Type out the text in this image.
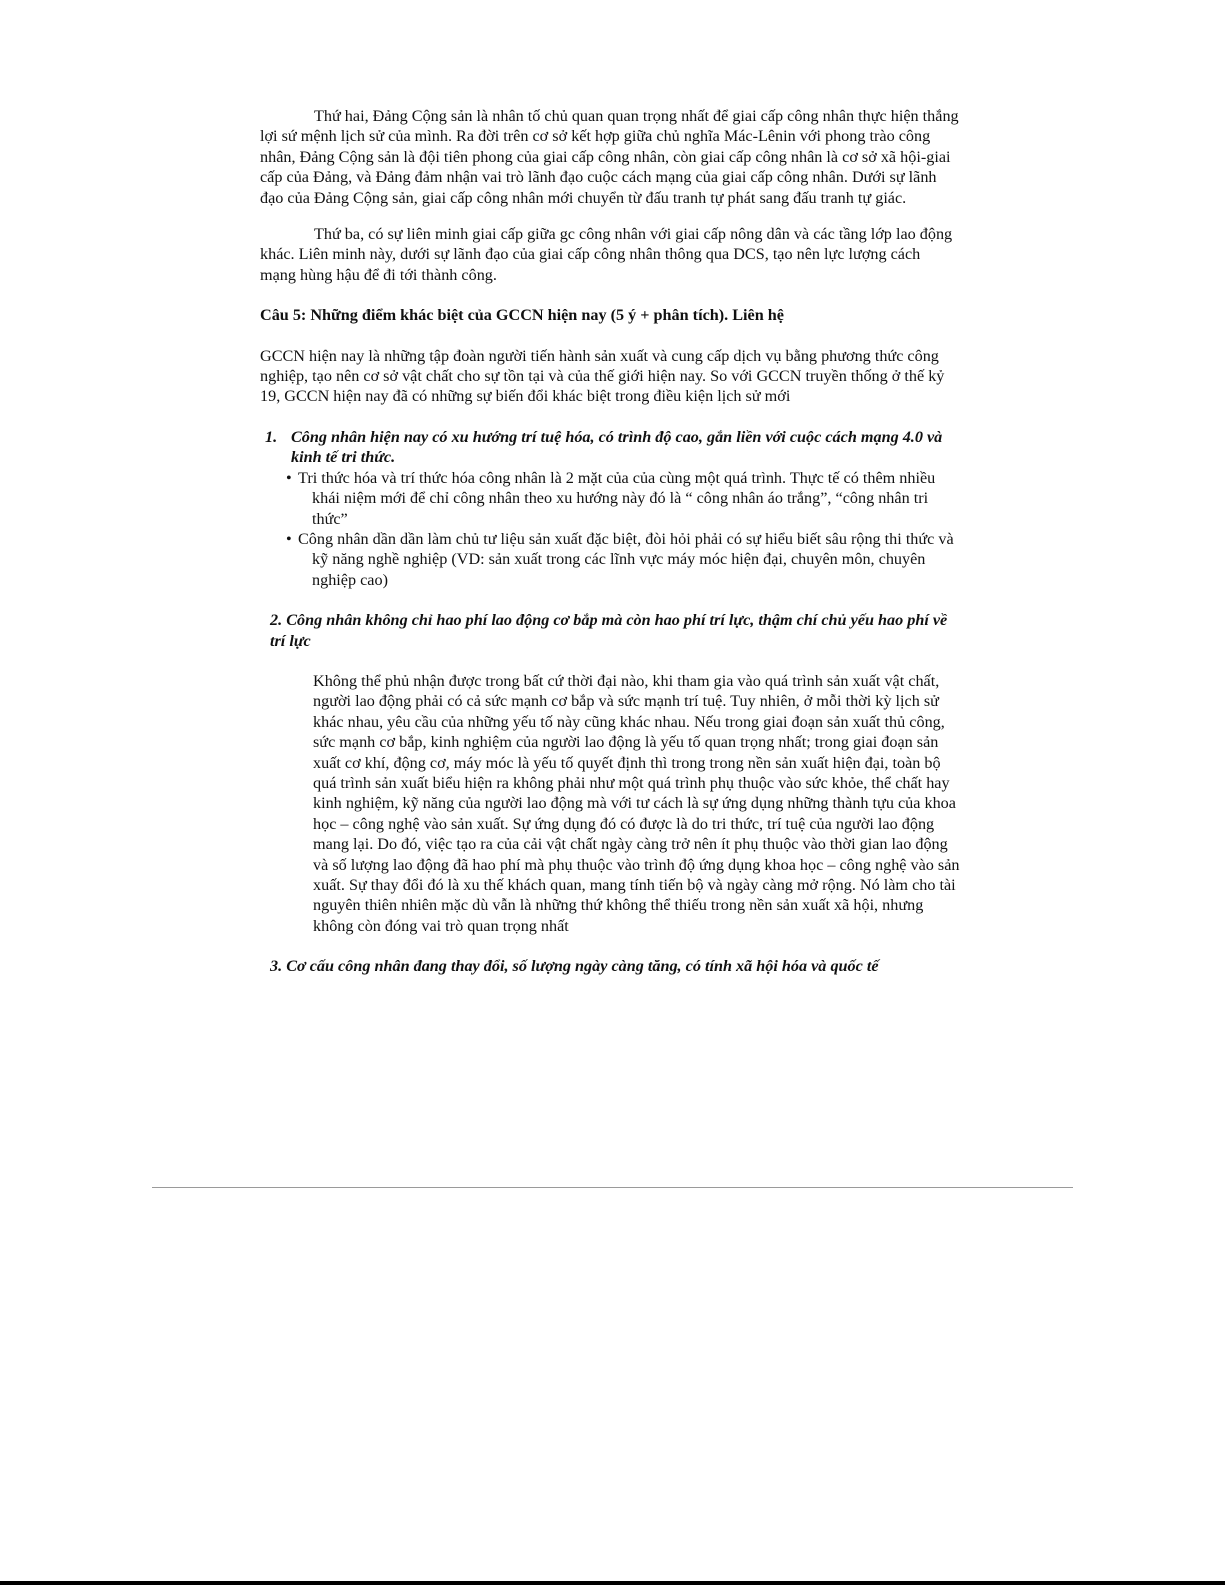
Thứ hai, Đảng Cộng sản là nhân tố chủ quan quan trọng nhất để giai cấp công nhân thực hiện thắng lợi sứ mệnh lịch sử của mình. Ra đời trên cơ sở kết hợp giữa chủ nghĩa Mác-Lênin với phong trào công nhân, Đảng Cộng sản là đội tiên phong của giai cấp công nhân, còn giai cấp công nhân là cơ sở xã hội-giai cấp của Đảng, và Đảng đảm nhận vai trò lãnh đạo cuộc cách mạng của giai cấp công nhân. Dưới sự lãnh đạo của Đảng Cộng sản, giai cấp công nhân mới chuyển từ đấu tranh tự phát sang đấu tranh tự giác.

Thứ ba, có sự liên minh giai cấp giữa gc công nhân với giai cấp nông dân và các tầng lớp lao động khác. Liên minh này, dưới sự lãnh đạo của giai cấp công nhân thông qua DCS, tạo nên lực lượng cách mạng hùng hậu để đi tới thành công.

Câu 5: Những điểm khác biệt của GCCN hiện nay (5 ý + phân tích). Liên hệ

GCCN hiện nay là những tập đoàn người tiến hành sản xuất và cung cấp dịch vụ bằng phương thức công nghiệp, tạo nên cơ sở vật chất cho sự tồn tại và của thế giới hiện nay. So với GCCN truyền thống ở thế kỷ 19, GCCN hiện nay đã có những sự biến đổi khác biệt trong điều kiện lịch sử mới

1. Công nhân hiện nay có xu hướng trí tuệ hóa, có trình độ cao, gắn liền với cuộc cách mạng 4.0 và kinh tế tri thức.
• Tri thức hóa và trí thức hóa công nhân là 2 mặt của của cùng một quá trình. Thực tế có thêm nhiều khái niệm mới để chỉ công nhân theo xu hướng này đó là “ công nhân áo trắng”, “công nhân tri thức”
• Công nhân dần dần làm chủ tư liệu sản xuất đặc biệt, đòi hỏi phải có sự hiểu biết sâu rộng thi thức và kỹ năng nghề nghiệp (VD: sản xuất trong các lĩnh vực máy móc hiện đại, chuyên môn, chuyên nghiệp cao)

2. Công nhân không chỉ hao phí lao động cơ bắp mà còn hao phí trí lực, thậm chí chủ yếu hao phí về trí lực

Không thể phủ nhận được trong bất cứ thời đại nào, khi tham gia vào quá trình sản xuất vật chất, người lao động phải có cả sức mạnh cơ bắp và sức mạnh trí tuệ. Tuy nhiên, ở mỗi thời kỳ lịch sử khác nhau, yêu cầu của những yếu tố này cũng khác nhau. Nếu trong giai đoạn sản xuất thủ công, sức mạnh cơ bắp, kinh nghiệm của người lao động là yếu tố quan trọng nhất; trong giai đoạn sản xuất cơ khí, động cơ, máy móc là yếu tố quyết định thì trong trong nền sản xuất hiện đại, toàn bộ quá trình sản xuất biểu hiện ra không phải như một quá trình phụ thuộc vào sức khỏe, thể chất hay kinh nghiệm, kỹ năng của người lao động mà với tư cách là sự ứng dụng những thành tựu của khoa học – công nghệ vào sản xuất. Sự ứng dụng đó có được là do tri thức, trí tuệ của người lao động mang lại. Do đó, việc tạo ra của cải vật chất ngày càng trở nên ít phụ thuộc vào thời gian lao động và số lượng lao động đã hao phí mà phụ thuộc vào trình độ ứng dụng khoa học – công nghệ vào sản xuất. Sự thay đổi đó là xu thế khách quan, mang tính tiến bộ và ngày càng mở rộng. Nó làm cho tài nguyên thiên nhiên mặc dù vẫn là những thứ không thể thiếu trong nền sản xuất xã hội, nhưng không còn đóng vai trò quan trọng nhất

3. Cơ cấu công nhân đang thay đổi, số lượng ngày càng tăng, có tính xã hội hóa và quốc tế
